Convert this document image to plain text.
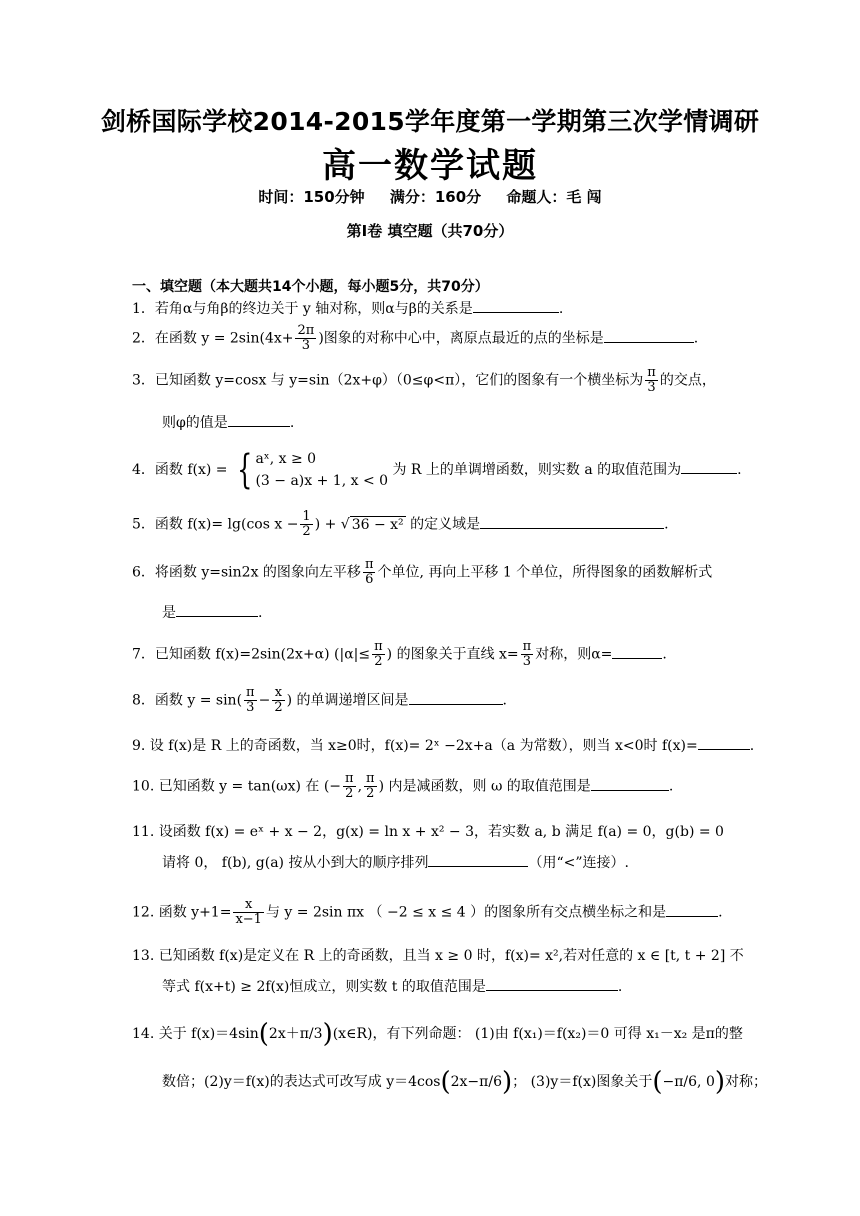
剑桥国际学校2014-2015学年度第一学期第三次学情调研
高一数学试题
时间：150分钟 满分：160分 命题人：毛 闯
第Ⅰ卷 填空题（共70分）
一、填空题（本大题共14个小题，每小题5分，共70分）
1．若角α与角β的终边关于 y 轴对称，则α与β的关系是	.
2．在函数 $y = 2\sin(4x+ \frac{2\pi}{3}$ )图象的对称中心中，离原点最近的点的坐标是	.
3．已知函数 y=cosx 与 y=sin（2x+φ）（0≤φ<π），它们的图象有一个横坐标为 $\frac{\pi}{3}$ 的交点，
则φ的值是	.
4．函数 f(x) = { aˣ, x ≥ 0
(3 − a)x + 1, x < 0
为 R 上的单调增函数，则实数 a 的取值范围为	.
5．函数 f(x)= lg(cos $x - \frac{1}{2}$ ) + √ 36 − x² 的定义域是	.
6．将函数 y=sin2x 的图象向左平移 $\frac{\pi}{6}$ 个单位, 再向上平移 1 个单位，所得图象的函数解析式
是	.
7．已知函数 f(x)=2sin(2x+α) ($|\alpha|\le \frac{\pi}{2}$ ) 的图象关于直线 $x= \frac{\pi}{3}$ 对称，则α=	.
8．函数 $y = \sin( \frac{\pi}{3} - \frac{x}{2}$ ) 的单调递增区间是	.
9. 设 f(x)是 R 上的奇函数，当 x≥0时，f(x)= 2ˣ −2x+a（a 为常数），则当 x<0时 f(x)=	.
10. 已知函数 y = tan(ωx) 在 (− $\frac{\pi}{2}$ , $\frac{\pi}{2}$ ) 内是减函数，则 ω 的取值范围是	.
11. 设函数 f(x) = eˣ + x − 2，g(x) = ln x + x² − 3，若实数 a, b 满足 f(a) = 0，g(b) = 0
请将 0， f(b), g(a) 按从小到大的顺序排列	（用“<”连接）.
12. 函数 $y+1= \frac{x}{x-1}$ 与 y = 2sin πx （ −2 ≤ x ≤ 4 ）的图象所有交点横坐标之和是	.
13. 已知函数 f(x)是定义在 R 上的奇函数，且当 x ≥ 0 时，f(x)= x²,若对任意的 x ∈ [t, t + 2] 不
等式 f(x+t) ≥ 2f(x)恒成立，则实数 t 的取值范围是	.
14. 关于 f(x)＝4sin(2x＋π/3)(x∈R)，有下列命题： (1)由 f(x₁)＝f(x₂)＝0 可得 x₁－x₂ 是π的整
数倍；(2)y＝f(x)的表达式可改写成 y＝4cos(2x−π/6)； (3)y＝f(x)图象关于(−π/6, 0)对称；
